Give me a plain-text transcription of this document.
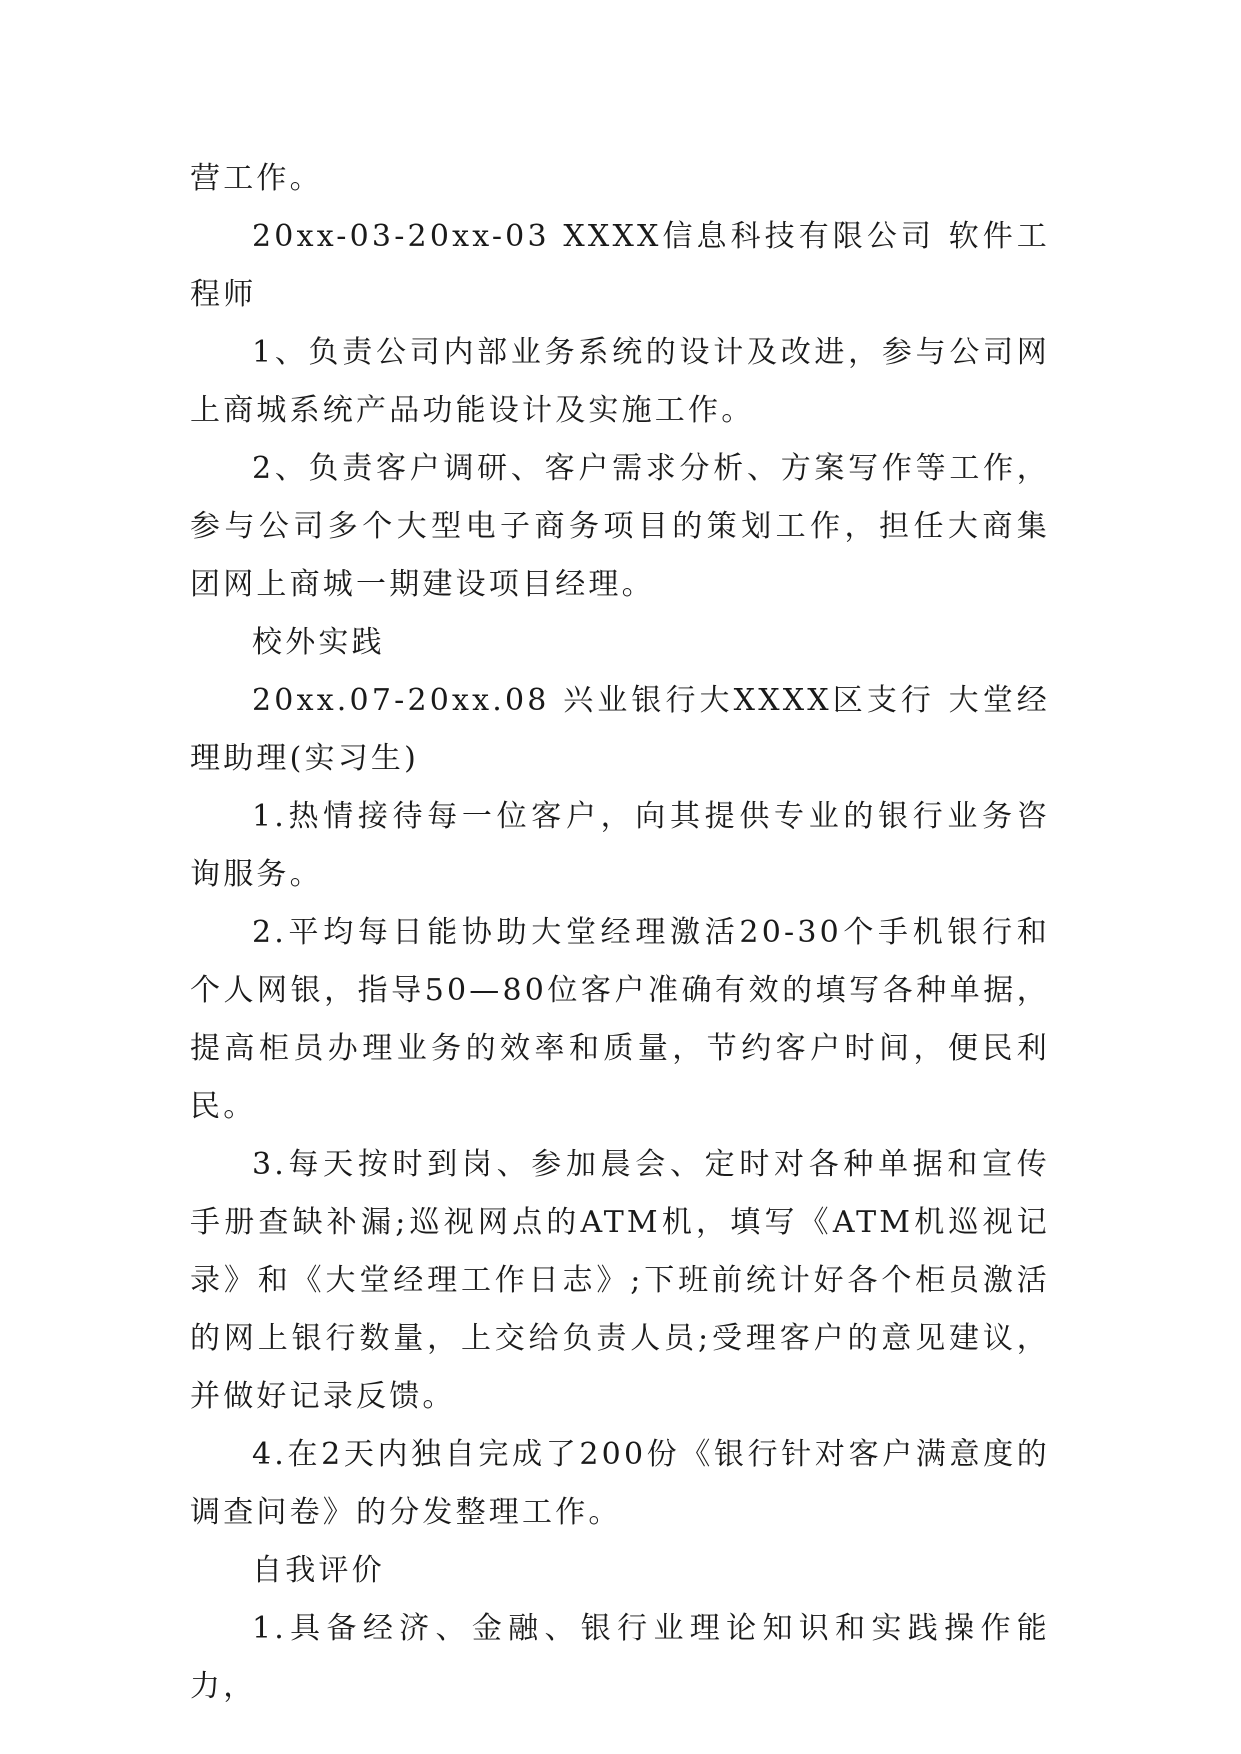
营工作。

20xx-03-20xx-03 XXXX信息科技有限公司 软件工程师

1、负责公司内部业务系统的设计及改进，参与公司网上商城系统产品功能设计及实施工作。

2、负责客户调研、客户需求分析、方案写作等工作，参与公司多个大型电子商务项目的策划工作，担任大商集团网上商城一期建设项目经理。

校外实践

20xx.07-20xx.08 兴业银行大XXXX区支行 大堂经理助理(实习生)

1.热情接待每一位客户，向其提供专业的银行业务咨询服务。

2.平均每日能协助大堂经理激活20-30个手机银行和个人网银，指导50—80位客户准确有效的填写各种单据，提高柜员办理业务的效率和质量，节约客户时间，便民利民。

3.每天按时到岗、参加晨会、定时对各种单据和宣传手册查缺补漏;巡视网点的ATM机，填写《ATM机巡视记录》和《大堂经理工作日志》;下班前统计好各个柜员激活的网上银行数量，上交给负责人员;受理客户的意见建议，并做好记录反馈。

4.在2天内独自完成了200份《银行针对客户满意度的调查问卷》的分发整理工作。

自我评价

1.具备经济、金融、银行业理论知识和实践操作能力，
